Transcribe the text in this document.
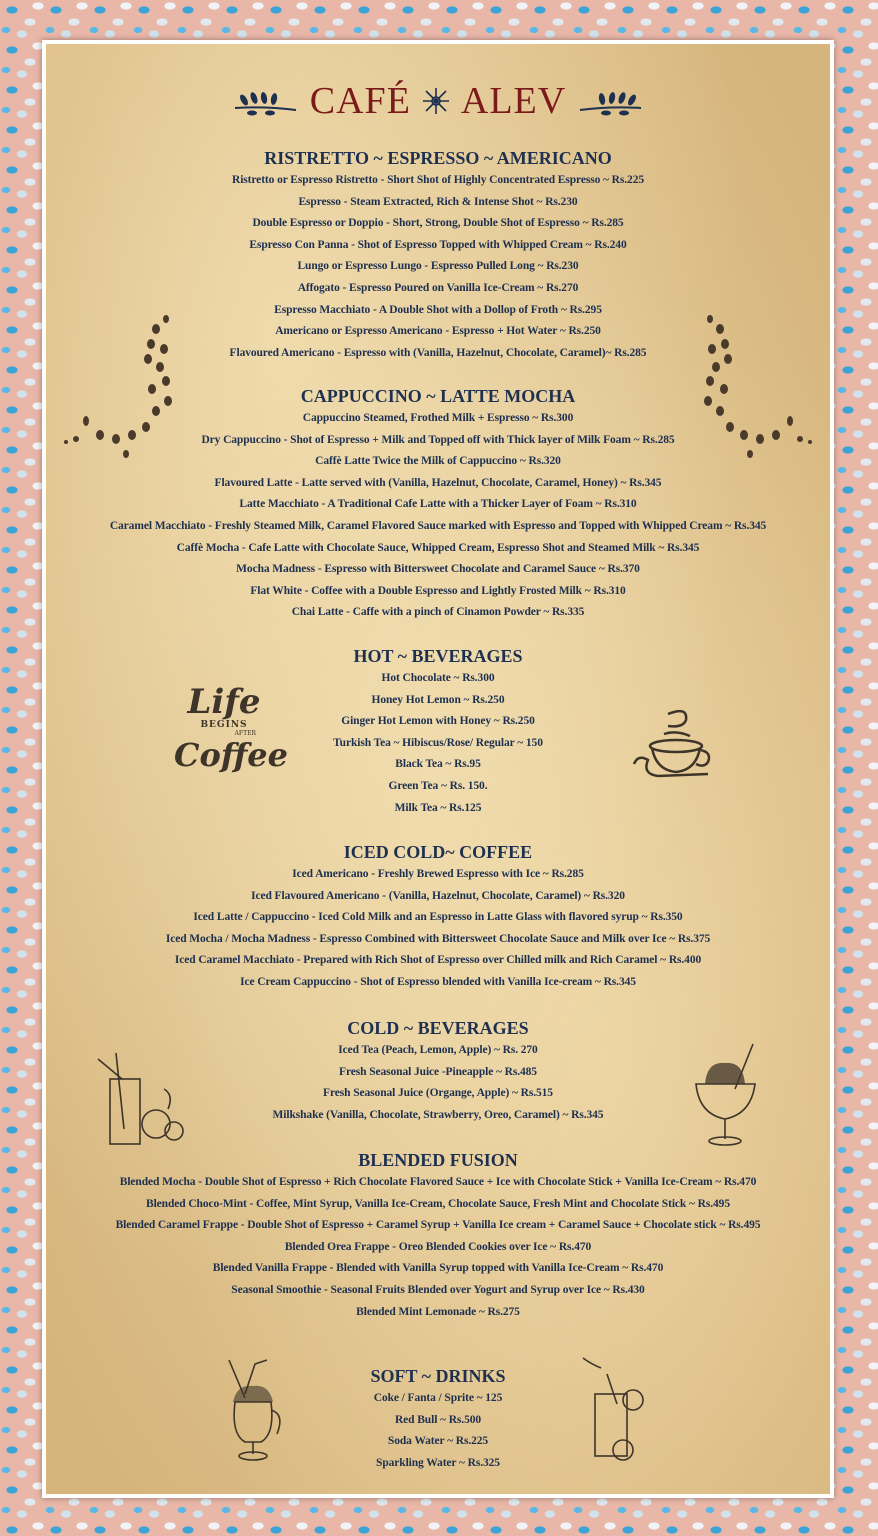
CAFÉ ALEV
Life
BEGINS
AFTER
Coffee
RISTRETTO ~ ESPRESSO ~ AMERICANO
Ristretto or Espresso Ristretto - Short Shot of Highly Concentrated Espresso ~ Rs.225
Espresso - Steam Extracted, Rich & Intense Shot ~ Rs.230
Double Espresso or Doppio - Short, Strong, Double Shot of Espresso ~ Rs.285
Espresso Con Panna - Shot of Espresso Topped with Whipped Cream ~ Rs.240
Lungo or Espresso Lungo - Espresso Pulled Long ~ Rs.230
Affogato - Espresso Poured on Vanilla Ice-Cream ~ Rs.270
Espresso Macchiato - A Double Shot with a Dollop of Froth ~ Rs.295
Americano or Espresso Americano - Espresso + Hot Water ~ Rs.250
Flavoured Americano - Espresso with (Vanilla, Hazelnut, Chocolate, Caramel)~ Rs.285
CAPPUCCINO ~ LATTE MOCHA
Cappuccino Steamed, Frothed Milk + Espresso ~ Rs.300
Dry Cappuccino - Shot of Espresso + Milk and Topped off with Thick layer of Milk Foam ~ Rs.285
Caffè Latte Twice the Milk of Cappuccino ~ Rs.320
Flavoured Latte - Latte served with (Vanilla, Hazelnut, Chocolate, Caramel, Honey) ~ Rs.345
Latte Macchiato - A Traditional Cafe Latte with a Thicker Layer of Foam ~ Rs.310
Caramel Macchiato - Freshly Steamed Milk, Caramel Flavored Sauce marked with Espresso and Topped with Whipped Cream ~ Rs.345
Caffè Mocha - Cafe Latte with Chocolate Sauce, Whipped Cream, Espresso Shot and Steamed Milk ~ Rs.345
Mocha Madness - Espresso with Bittersweet Chocolate and Caramel Sauce ~ Rs.370
Flat White - Coffee with a Double Espresso and Lightly Frosted Milk ~ Rs.310
Chai Latte - Caffe with a pinch of Cinamon Powder ~ Rs.335
HOT ~ BEVERAGES
Hot Chocolate ~ Rs.300
Honey Hot Lemon ~ Rs.250
Ginger Hot Lemon with Honey ~ Rs.250
Turkish Tea ~ Hibiscus/Rose/ Regular ~ 150
Black Tea ~ Rs.95
Green Tea ~ Rs. 150.
Milk Tea ~ Rs.125
ICED COLD~ COFFEE
Iced Americano - Freshly Brewed Espresso with Ice ~ Rs.285
Iced Flavoured Americano - (Vanilla, Hazelnut, Chocolate, Caramel) ~ Rs.320
Iced Latte / Cappuccino - Iced Cold Milk and an Espresso in Latte Glass with flavored syrup ~ Rs.350
Iced Mocha / Mocha Madness - Espresso Combined with Bittersweet Chocolate Sauce and Milk over Ice ~ Rs.375
Iced Caramel Macchiato - Prepared with Rich Shot of Espresso over Chilled milk and Rich Caramel ~ Rs.400
Ice Cream Cappuccino - Shot of Espresso blended with Vanilla Ice-cream ~ Rs.345
COLD ~ BEVERAGES
Iced Tea (Peach, Lemon, Apple) ~ Rs. 270
Fresh Seasonal Juice -Pineapple ~ Rs.485
Fresh Seasonal Juice (Organge, Apple) ~ Rs.515
Milkshake (Vanilla, Chocolate, Strawberry, Oreo, Caramel) ~ Rs.345
BLENDED FUSION
Blended Mocha - Double Shot of Espresso + Rich Chocolate Flavored Sauce + Ice with Chocolate Stick + Vanilla Ice-Cream ~ Rs.470
Blended Choco-Mint - Coffee, Mint Syrup, Vanilla Ice-Cream, Chocolate Sauce, Fresh Mint and Chocolate Stick ~ Rs.495
Blended Caramel Frappe - Double Shot of Espresso + Caramel Syrup + Vanilla Ice cream + Caramel Sauce + Chocolate stick ~ Rs.495
Blended Orea Frappe - Oreo Blended Cookies over Ice ~ Rs.470
Blended Vanilla Frappe - Blended with Vanilla Syrup topped with Vanilla Ice-Cream ~ Rs.470
Seasonal Smoothie - Seasonal Fruits Blended over Yogurt and Syrup over Ice ~ Rs.430
Blended Mint Lemonade ~ Rs.275
SOFT ~ DRINKS
Coke / Fanta / Sprite ~ 125
Red Bull ~ Rs.500
Soda Water ~ Rs.225
Sparkling Water ~ Rs.325
